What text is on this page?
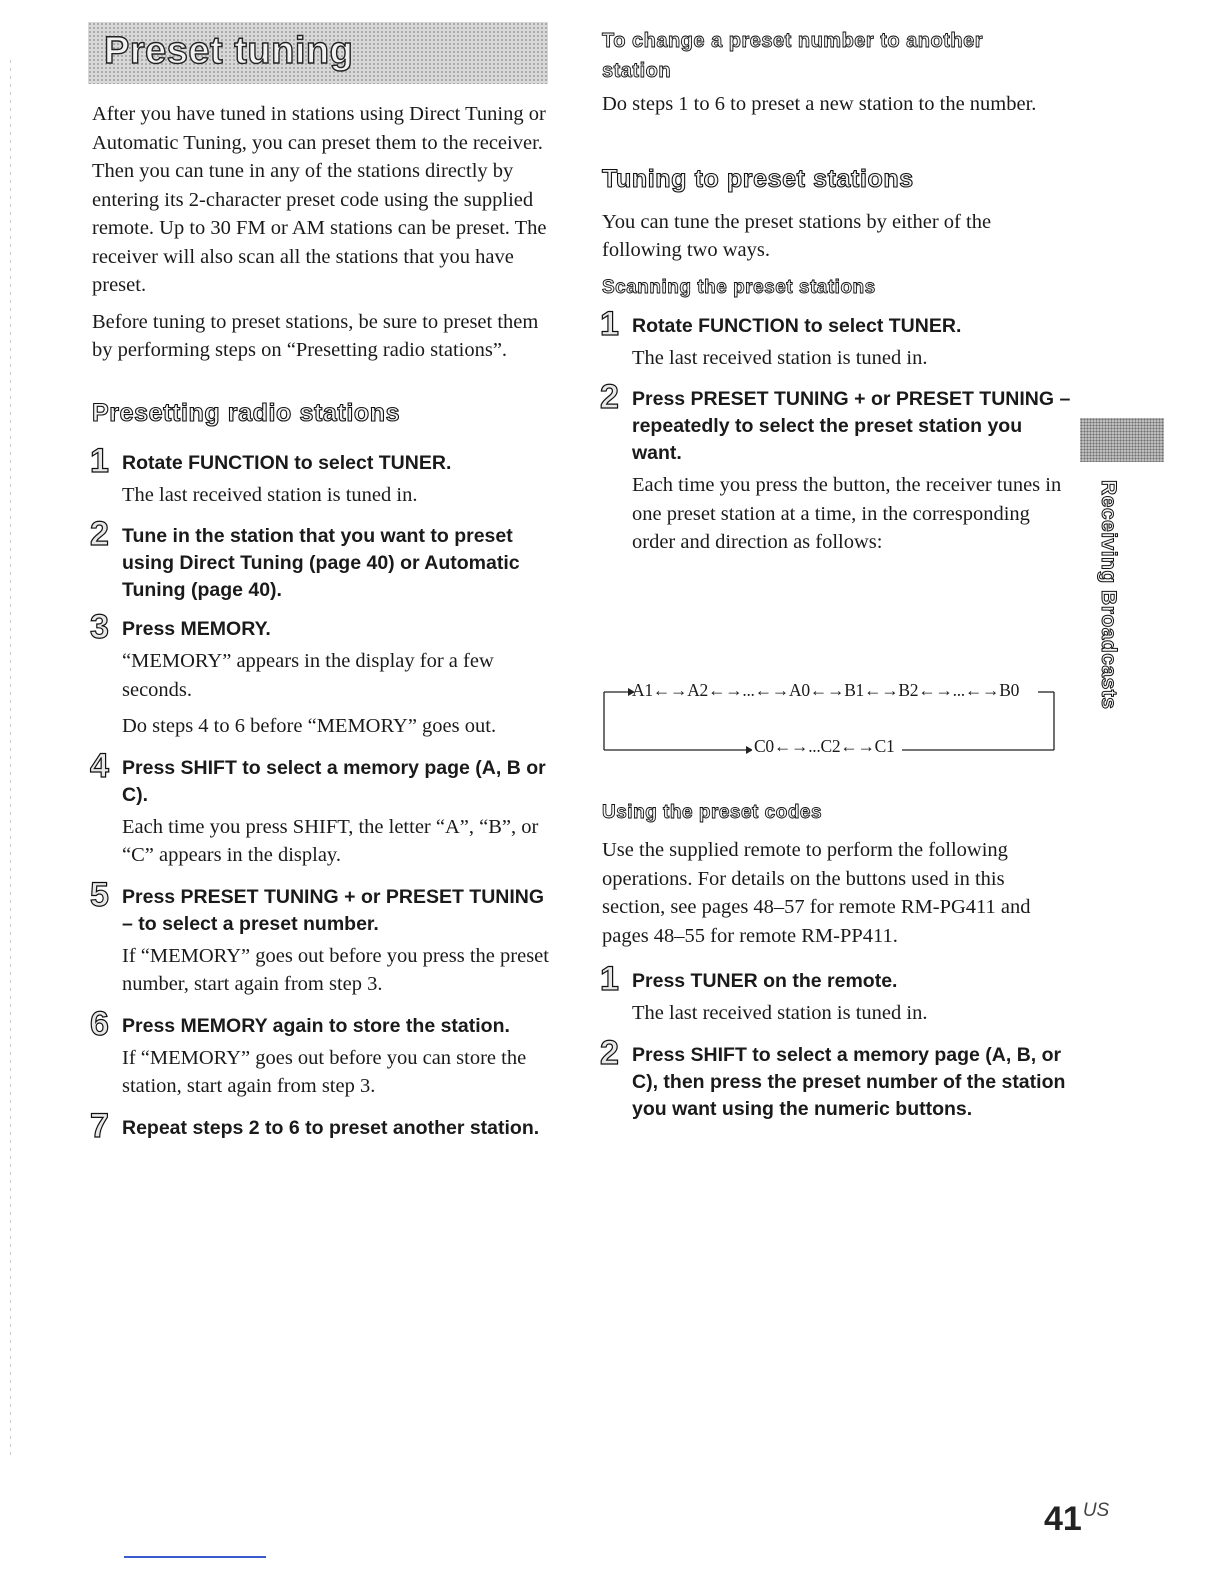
Preset tuning

After you have tuned in stations using Direct Tuning or Automatic Tuning, you can preset them to the receiver. Then you can tune in any of the stations directly by entering its 2-character preset code using the supplied remote. Up to 30 FM or AM stations can be preset. The receiver will also scan all the stations that you have preset.

Before tuning to preset stations, be sure to preset them by performing steps on “Presetting radio stations”.

Presetting radio stations
1 Rotate FUNCTION to select TUNER.
The last received station is tuned in.
2 Tune in the station that you want to preset using Direct Tuning (page 40) or Automatic Tuning (page 40).
3 Press MEMORY.
“MEMORY” appears in the display for a few seconds.
Do steps 4 to 6 before “MEMORY” goes out.
4 Press SHIFT to select a memory page (A, B or C).
Each time you press SHIFT, the letter “A”, “B”, or “C” appears in the display.
5 Press PRESET TUNING + or PRESET TUNING – to select a preset number.
If “MEMORY” goes out before you press the preset number, start again from step 3.
6 Press MEMORY again to store the station.
If “MEMORY” goes out before you can store the station, start again from step 3.
7 Repeat steps 2 to 6 to preset another station.
To change a preset number to another station

Do steps 1 to 6 to preset a new station to the number.

Tuning to preset stations

You can tune the preset stations by either of the following two ways.

Scanning the preset stations
1 Rotate FUNCTION to select TUNER.
The last received station is tuned in.
2 Press PRESET TUNING + or PRESET TUNING – repeatedly to select the preset station you want.
Each time you press the button, the receiver tunes in one preset station at a time, in the corresponding order and direction as follows:
A1←→A2←→...←→A0←→B1←→B2←→...←→B0
C0←→...C2←→C1
Using the preset codes

Use the supplied remote to perform the following operations. For details on the buttons used in this section, see pages 48–57 for remote RM-PG411 and pages 48–55 for remote RM-PP411.

1 Press TUNER on the remote.
The last received station is tuned in.
2 Press SHIFT to select a memory page (A, B, or C), then press the preset number of the station you want using the numeric buttons.
Receiving Broadcasts
41US
